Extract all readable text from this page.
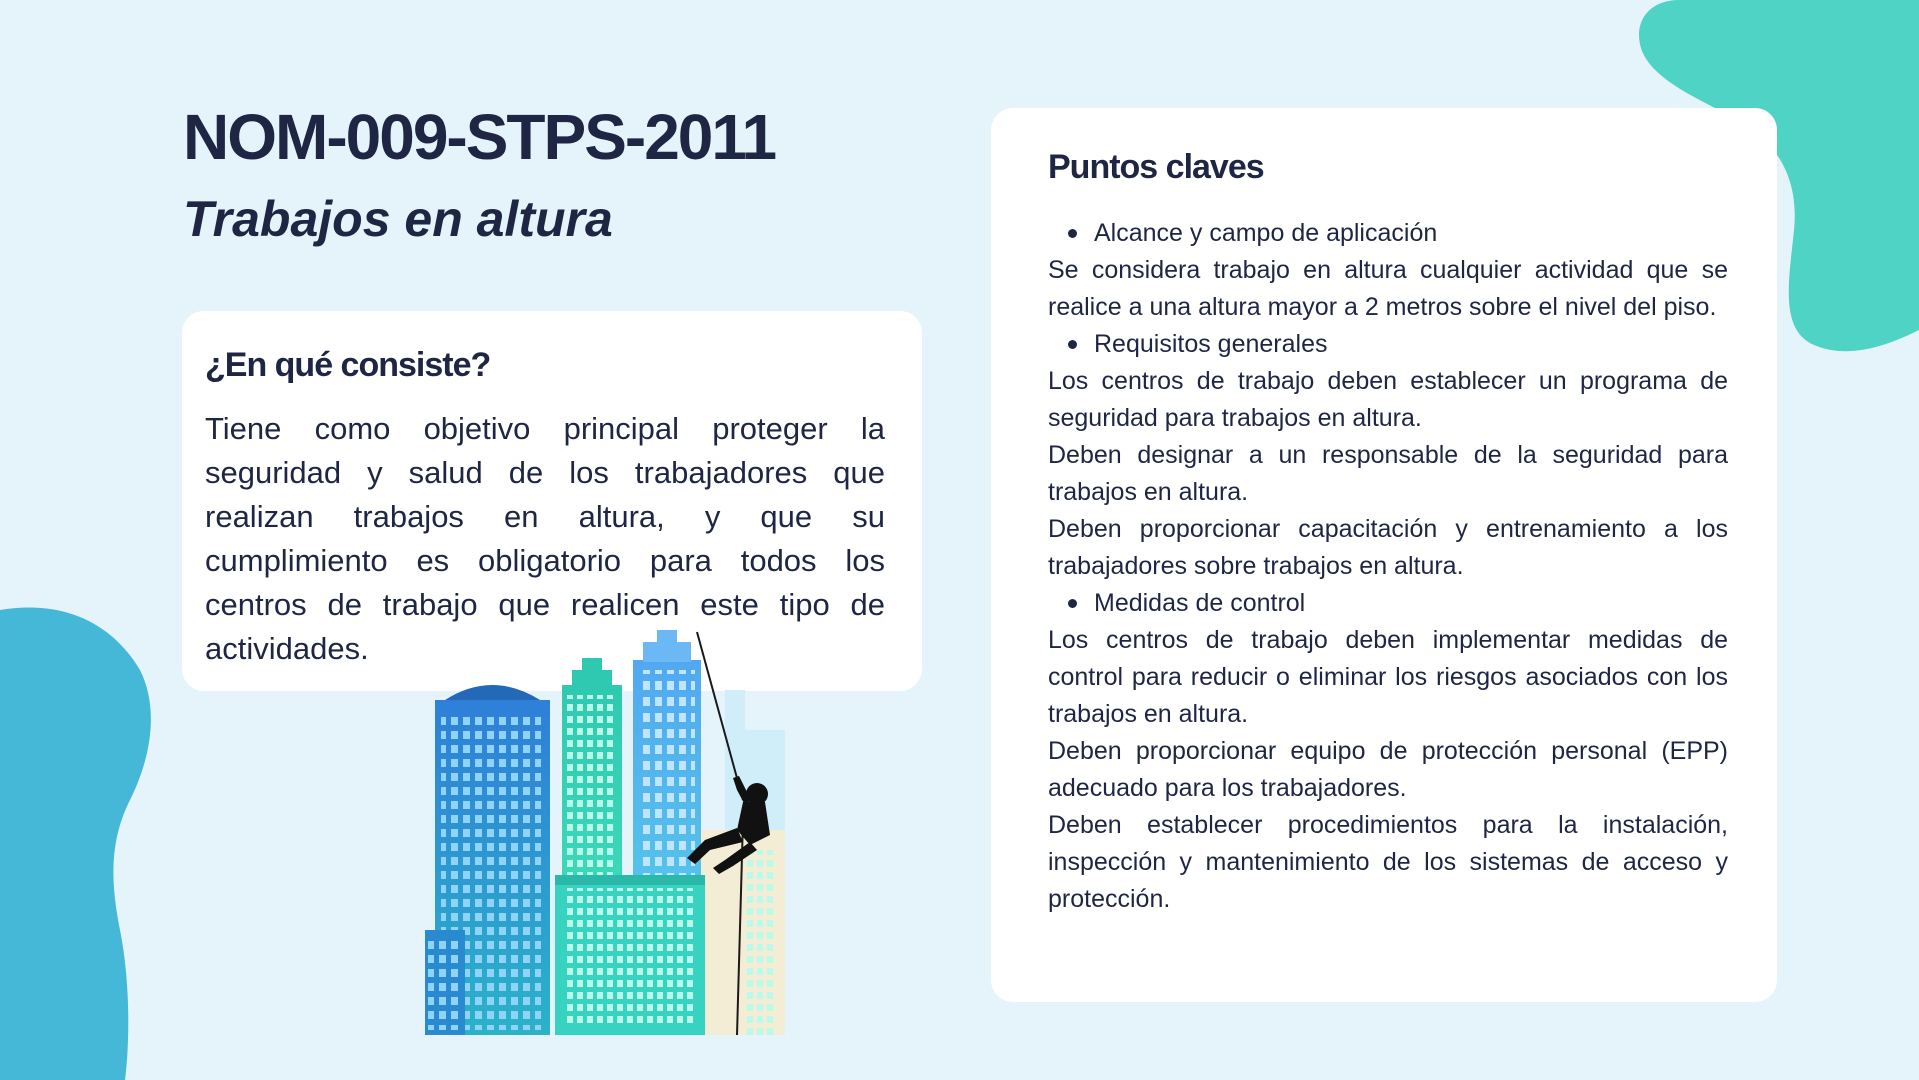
NOM-009-STPS-2011
Trabajos en altura
¿En qué consiste?

Tiene como objetivo principal proteger la seguridad y salud de los trabajadores que realizan trabajos en altura, y que su cumplimiento es obligatorio para todos los centros de trabajo que realicen este tipo de actividades.

Puntos claves
Alcance y campo de aplicación

Se considera trabajo en altura cualquier actividad que se realice a una altura mayor a 2 metros sobre el nivel del piso.

Requisitos generales

Los centros de trabajo deben establecer un programa de seguridad para trabajos en altura.

Deben designar a un responsable de la seguridad para trabajos en altura.

Deben proporcionar capacitación y entrenamiento a los trabajadores sobre trabajos en altura.

Medidas de control

Los centros de trabajo deben implementar medidas de control para reducir o eliminar los riesgos asociados con los trabajos en altura.

Deben proporcionar equipo de protección personal (EPP) adecuado para los trabajadores.

Deben establecer procedimientos para la instalación, inspección y mantenimiento de los sistemas de acceso y protección.
